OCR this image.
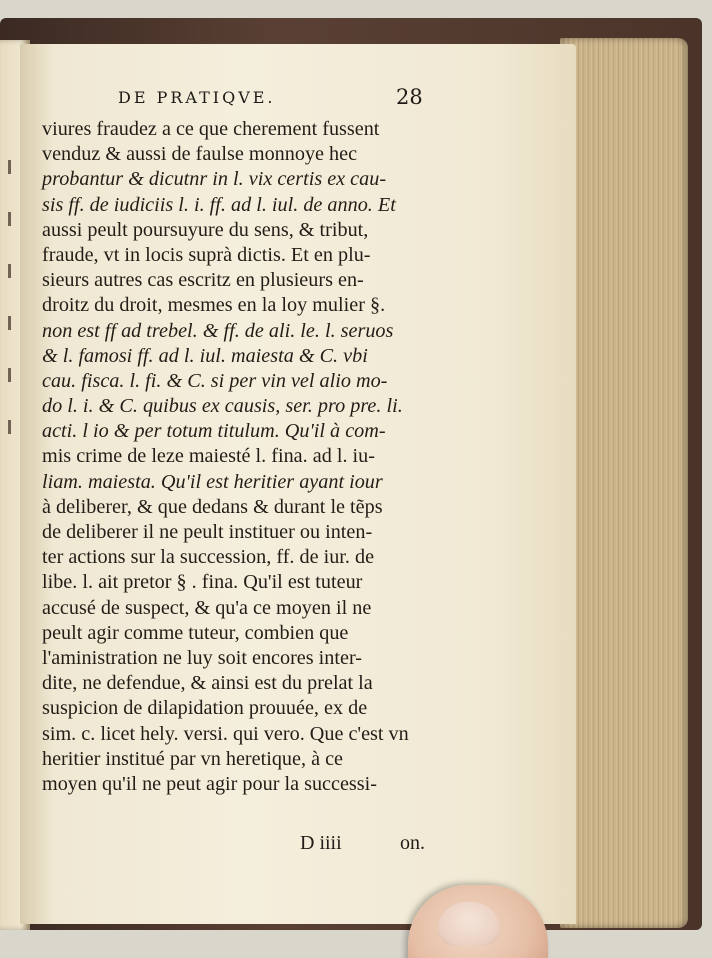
DE PRATIQVE.	28
viures fraudez a ce que cherement fussent
venduz & aussi de faulse monnoye hec
probantur & dicutnr in l. vix certis ex cau-
sis ff. de iudiciis l. i. ff. ad l. iul. de anno. Et
aussi peult poursuyure du sens, & tribut,
fraude, vt in locis suprà dictis. Et en plu-
sieurs autres cas escritz en plusieurs en-
droitz du droit, mesmes en la loy mulier §.
non est ff ad trebel. & ff. de ali. le. l. seruos
& l. famosi ff. ad l. iul. maiesta & C. vbi
cau. fisca. l. fi. & C. si per vin vel alio mo-
do l. i. & C. quibus ex causis, ser. pro pre. li.
acti. l io & per totum titulum. Qu'il à com-
mis crime de leze maiesté l. fina. ad l. iu-
liam. maiesta. Qu'il est heritier ayant iour
à deliberer, & que dedans & durant le tẽps
de deliberer il ne peult instituer ou inten-
ter actions sur la succession, ff. de iur. de
libe. l. ait pretor § . fina. Qu'il est tuteur
accusé de suspect, & qu'a ce moyen il ne
peult agir comme tuteur, combien que
l'aministration ne luy soit encores inter-
dite, ne defendue, & ainsi est du prelat la
suspicion de dilapidation prouuée, ex de
sim. c. licet hely. versi. qui vero. Que c'est vn
heritier institué par vn heretique, à ce
moyen qu'il ne peut agir pour la successi-
D iiii	on.
